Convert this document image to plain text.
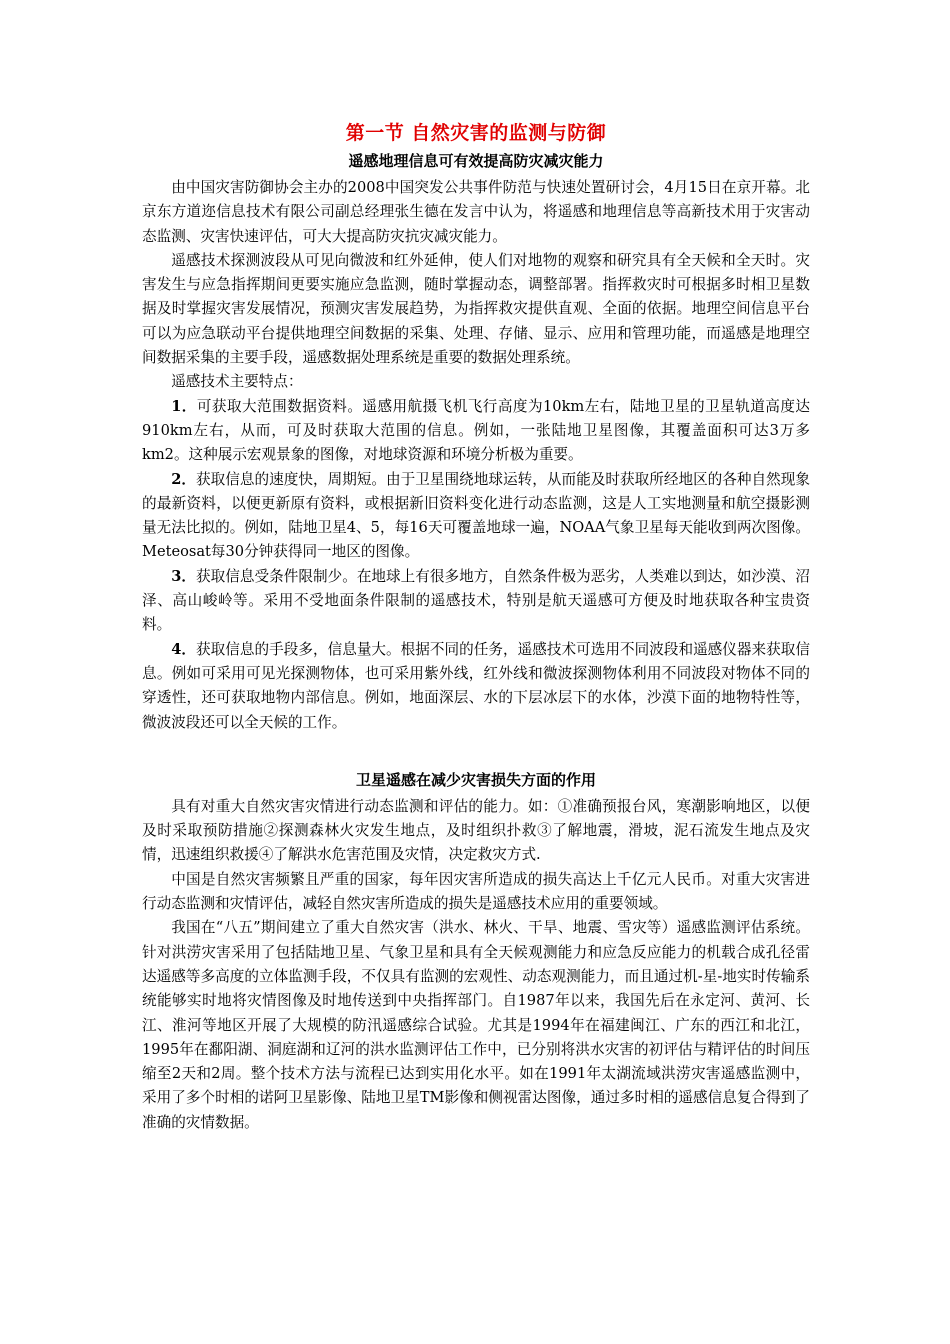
第一节 自然灾害的监测与防御
遥感地理信息可有效提高防灾减灾能力

由中国灾害防御协会主办的2008中国突发公共事件防范与快速处置研讨会，4月15日在京开幕。北京东方道迩信息技术有限公司副总经理张生德在发言中认为，将遥感和地理信息等高新技术用于灾害动态监测、灾害快速评估，可大大提高防灾抗灾减灾能力。

遥感技术探测波段从可见向微波和红外延伸，使人们对地物的观察和研究具有全天候和全天时。灾害发生与应急指挥期间更要实施应急监测，随时掌握动态，调整部署。指挥救灾时可根据多时相卫星数据及时掌握灾害发展情况，预测灾害发展趋势，为指挥救灾提供直观、全面的依据。地理空间信息平台可以为应急联动平台提供地理空间数据的采集、处理、存储、显示、应用和管理功能，而遥感是地理空间数据采集的主要手段，遥感数据处理系统是重要的数据处理系统。

遥感技术主要特点：

1．可获取大范围数据资料。遥感用航摄飞机飞行高度为10km左右，陆地卫星的卫星轨道高度达910km左右，从而，可及时获取大范围的信息。例如，一张陆地卫星图像，其覆盖面积可达3万多km2。这种展示宏观景象的图像，对地球资源和环境分析极为重要。

2．获取信息的速度快，周期短。由于卫星围绕地球运转，从而能及时获取所经地区的各种自然现象的最新资料，以便更新原有资料，或根据新旧资料变化进行动态监测，这是人工实地测量和航空摄影测量无法比拟的。例如，陆地卫星4、5，每16天可覆盖地球一遍，NOAA气象卫星每天能收到两次图像。Meteosat每30分钟获得同一地区的图像。

3．获取信息受条件限制少。在地球上有很多地方，自然条件极为恶劣，人类难以到达，如沙漠、沼泽、高山峻岭等。采用不受地面条件限制的遥感技术，特别是航天遥感可方便及时地获取各种宝贵资料。

4．获取信息的手段多，信息量大。根据不同的任务，遥感技术可选用不同波段和遥感仪器来获取信息。例如可采用可见光探测物体，也可采用紫外线，红外线和微波探测物体利用不同波段对物体不同的穿透性，还可获取地物内部信息。例如，地面深层、水的下层冰层下的水体，沙漠下面的地物特性等，微波波段还可以全天候的工作。

卫星遥感在减少灾害损失方面的作用

具有对重大自然灾害灾情进行动态监测和评估的能力。如：①准确预报台风，寒潮影响地区，以便及时采取预防措施②探测森林火灾发生地点，及时组织扑救③了解地震，滑坡，泥石流发生地点及灾情，迅速组织救援④了解洪水危害范围及灾情，决定救灾方式.

中国是自然灾害频繁且严重的国家，每年因灾害所造成的损失高达上千亿元人民币。对重大灾害进行动态监测和灾情评估，减轻自然灾害所造成的损失是遥感技术应用的重要领域。

我国在“八五”期间建立了重大自然灾害（洪水、林火、干旱、地震、雪灾等）遥感监测评估系统。针对洪涝灾害采用了包括陆地卫星、气象卫星和具有全天候观测能力和应急反应能力的机载合成孔径雷达遥感等多高度的立体监测手段，不仅具有监测的宏观性、动态观测能力，而且通过机-星-地实时传输系统能够实时地将灾情图像及时地传送到中央指挥部门。自1987年以来，我国先后在永定河、黄河、长江、淮河等地区开展了大规模的防汛遥感综合试验。尤其是1994年在福建闽江、广东的西江和北江，1995年在鄱阳湖、洞庭湖和辽河的洪水监测评估工作中，已分别将洪水灾害的初评估与精评估的时间压缩至2天和2周。整个技术方法与流程已达到实用化水平。如在1991年太湖流域洪涝灾害遥感监测中，采用了多个时相的诺阿卫星影像、陆地卫星TM影像和侧视雷达图像，通过多时相的遥感信息复合得到了准确的灾情数据。
